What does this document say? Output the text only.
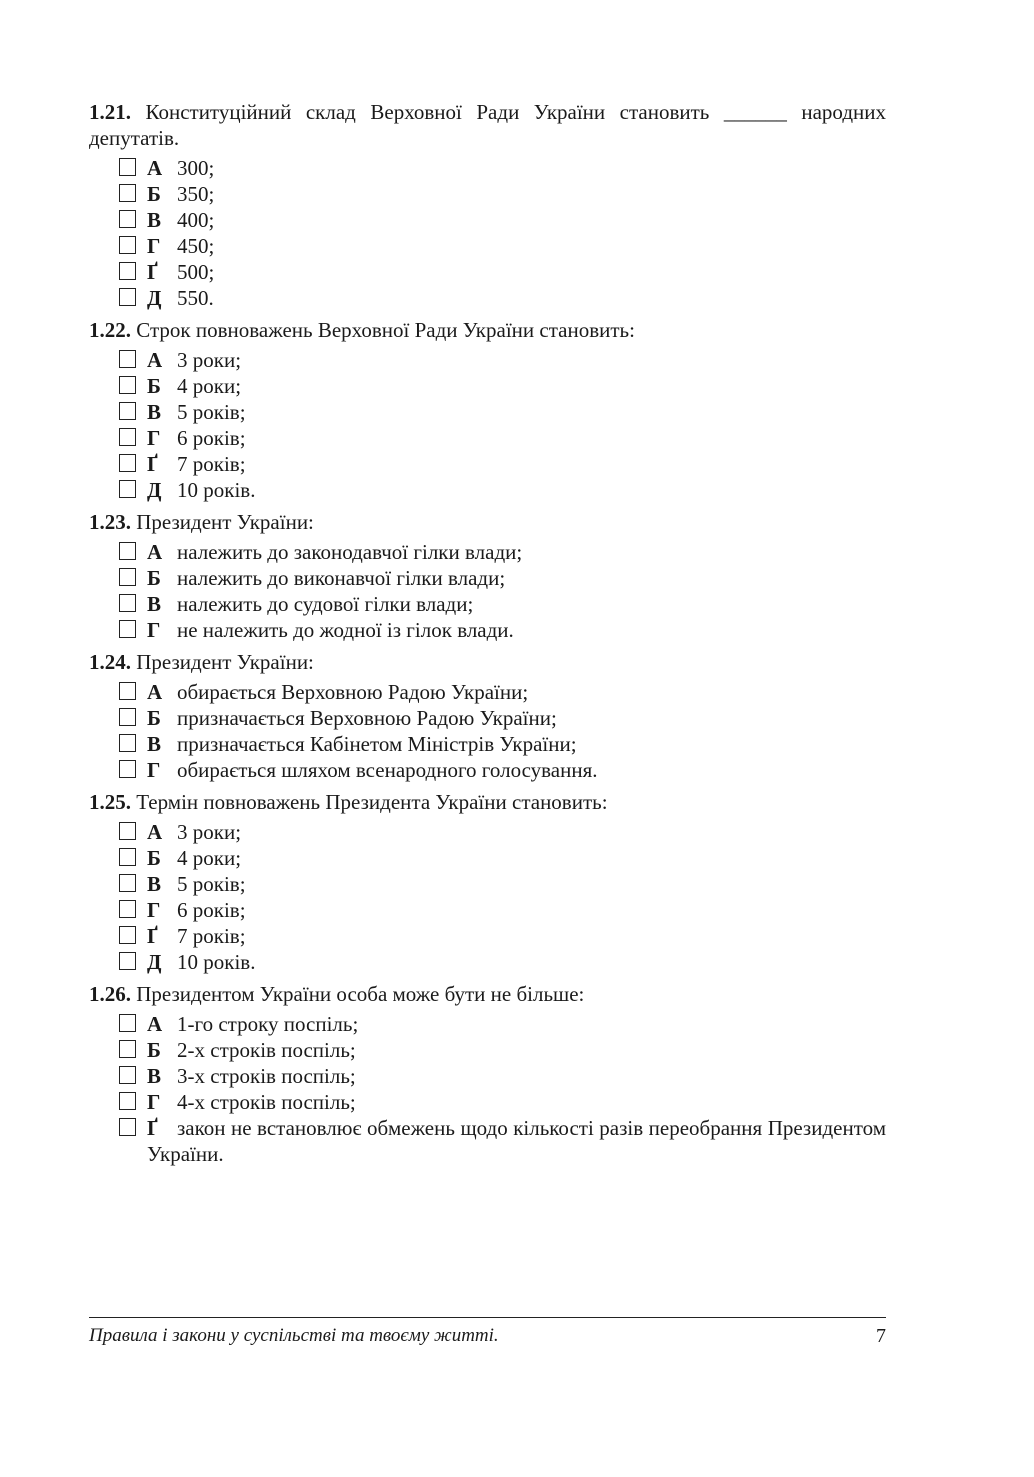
1.21. Конституційний склад Верховної Ради України становить ______ народних депутатів.
А 300;
Б 350;
В 400;
Г 450;
Ґ 500;
Д 550.
1.22. Строк повноважень Верховної Ради України становить:
А 3 роки;
Б 4 роки;
В 5 років;
Г 6 років;
Ґ 7 років;
Д 10 років.
1.23. Президент України:
А належить до законодавчої гілки влади;
Б належить до виконавчої гілки влади;
В належить до судової гілки влади;
Г не належить до жодної із гілок влади.
1.24. Президент України:
А обирається Верховною Радою України;
Б призначається Верховною Радою України;
В призначається Кабінетом Міністрів України;
Г обирається шляхом всенародного голосування.
1.25. Термін повноважень Президента України становить:
А 3 роки;
Б 4 роки;
В 5 років;
Г 6 років;
Ґ 7 років;
Д 10 років.
1.26. Президентом України особа може бути не більше:
А 1-го строку поспіль;
Б 2-х строків поспіль;
В 3-х строків поспіль;
Г 4-х строків поспіль;
Ґ закон не встановлює обмежень щодо кількості разів переобрання Президентом України.
Правила і закони у суспільстві та твоєму житті.	7
